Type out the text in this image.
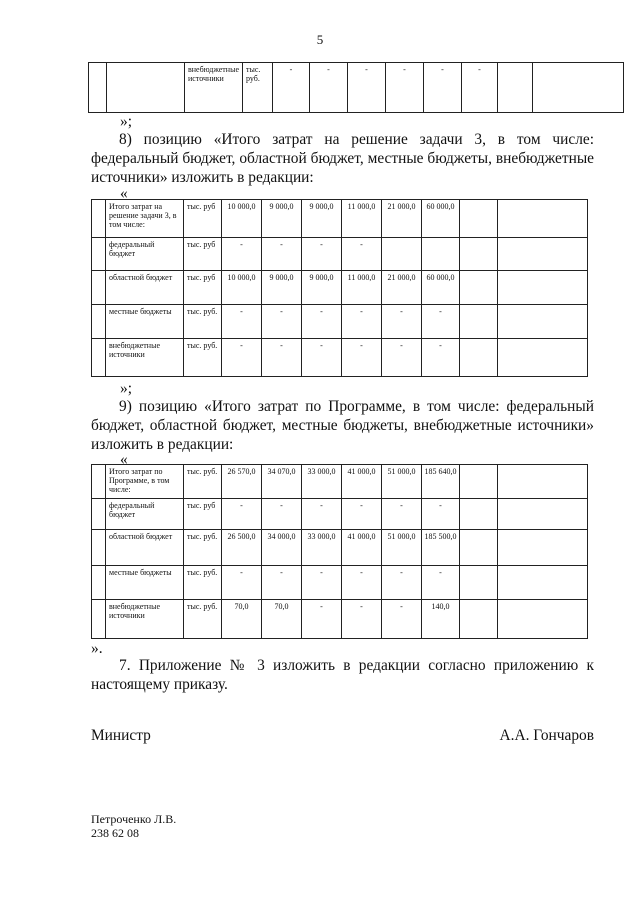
5
		внебюджетные источники	тыс. руб.	-	-	-	-	-	-		
»;
8) позицию «Итого затрат на решение задачи 3, в том числе: федеральный бюджет, областной бюджет, местные бюджеты, внебюджетные источники» изложить в редакции:
«
	Итого затрат на решение задачи 3, в том числе:	тыс. руб	10 000,0	9 000,0	9 000,0	11 000,0	21 000,0	60 000,0		
	федеральный бюджет	тыс. руб	-	-	-	-				
	областной бюджет	тыс. руб	10 000,0	9 000,0	9 000,0	11 000,0	21 000,0	60 000,0		
	местные бюджеты	тыс. руб.	-	-	-	-	-	-		
	внебюджетные источники	тыс. руб.	-	-	-	-	-	-		
»;
9) позицию «Итого затрат по Программе, в том числе: федеральный бюджет, областной бюджет, местные бюджеты, внебюджетные источники» изложить в редакции:
«
	Итого затрат по Программе, в том числе:	тыс. руб.	26 570,0	34 070,0	33 000,0	41 000,0	51 000,0	185 640,0		
	федеральный бюджет	тыс. руб	-	-	-	-	-	-		
	областной бюджет	тыс. руб.	26 500,0	34 000,0	33 000,0	41 000,0	51 000,0	185 500,0		
	местные бюджеты	тыс. руб.	-	-	-	-	-	-		
	внебюджетные источники	тыс. руб.	70,0	70,0	-	-	-	140,0		
».
7. Приложение № 3 изложить в редакции согласно приложению к настоящему приказу.
Министр	А.А. Гончаров
Петроченко Л.В.
238 62 08
